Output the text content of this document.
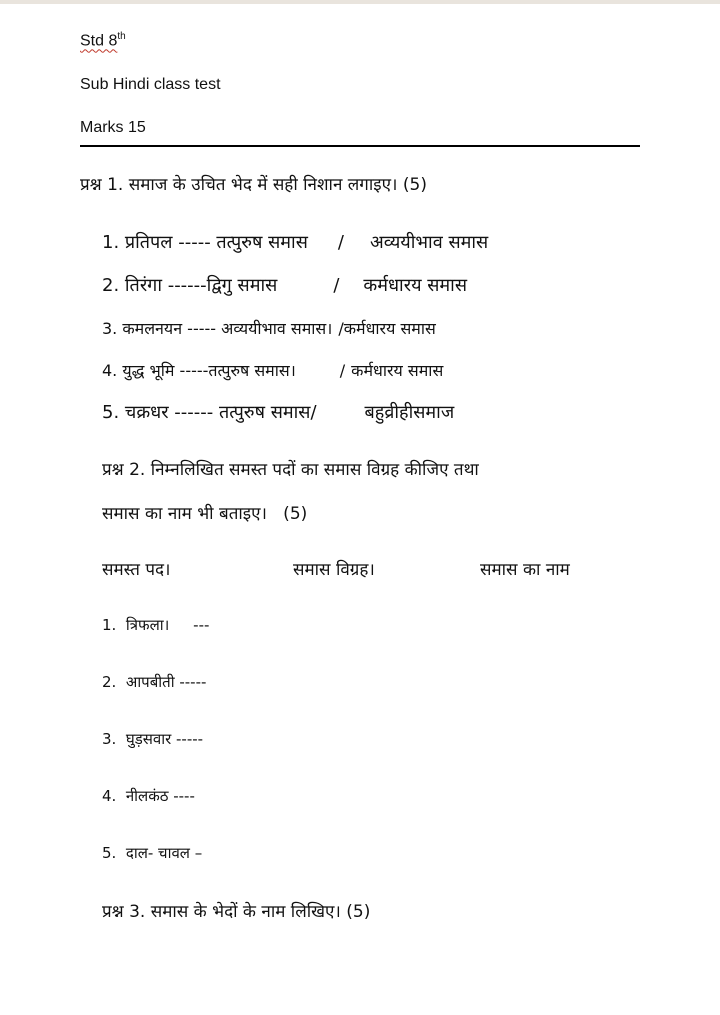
Std 8th
Sub Hindi class test
Marks 15
प्रश्न 1. समाज के उचित भेद में सही निशान लगाइए। (5)
1. प्रतिपल ----- तत्पुरुष समास / अव्ययीभाव समास
2. तिरंगा ------द्विगु समास	/ कर्मधारय समास
3. कमलनयन ----- अव्ययीभाव समास। /कर्मधारय समास
4. युद्ध भूमि -----तत्पुरुष समास।	/ कर्मधारय समास
5. चक्रधर ------ तत्पुरुष समास/	बहुव्रीहीसमाज
प्रश्न 2. निम्नलिखित समस्त पदों का समास विग्रह कीजिए तथा
समास का नाम भी बताइए।   (5)
समस्त पद।	समास विग्रह।	समास का नाम
1.  त्रिफला।     ---
2.  आपबीती -----
3.  घुड़सवार -----
4.  नीलकंठ ----
5.  दाल- चावल –
प्रश्न 3. समास के भेदों के नाम लिखिए। (5)
